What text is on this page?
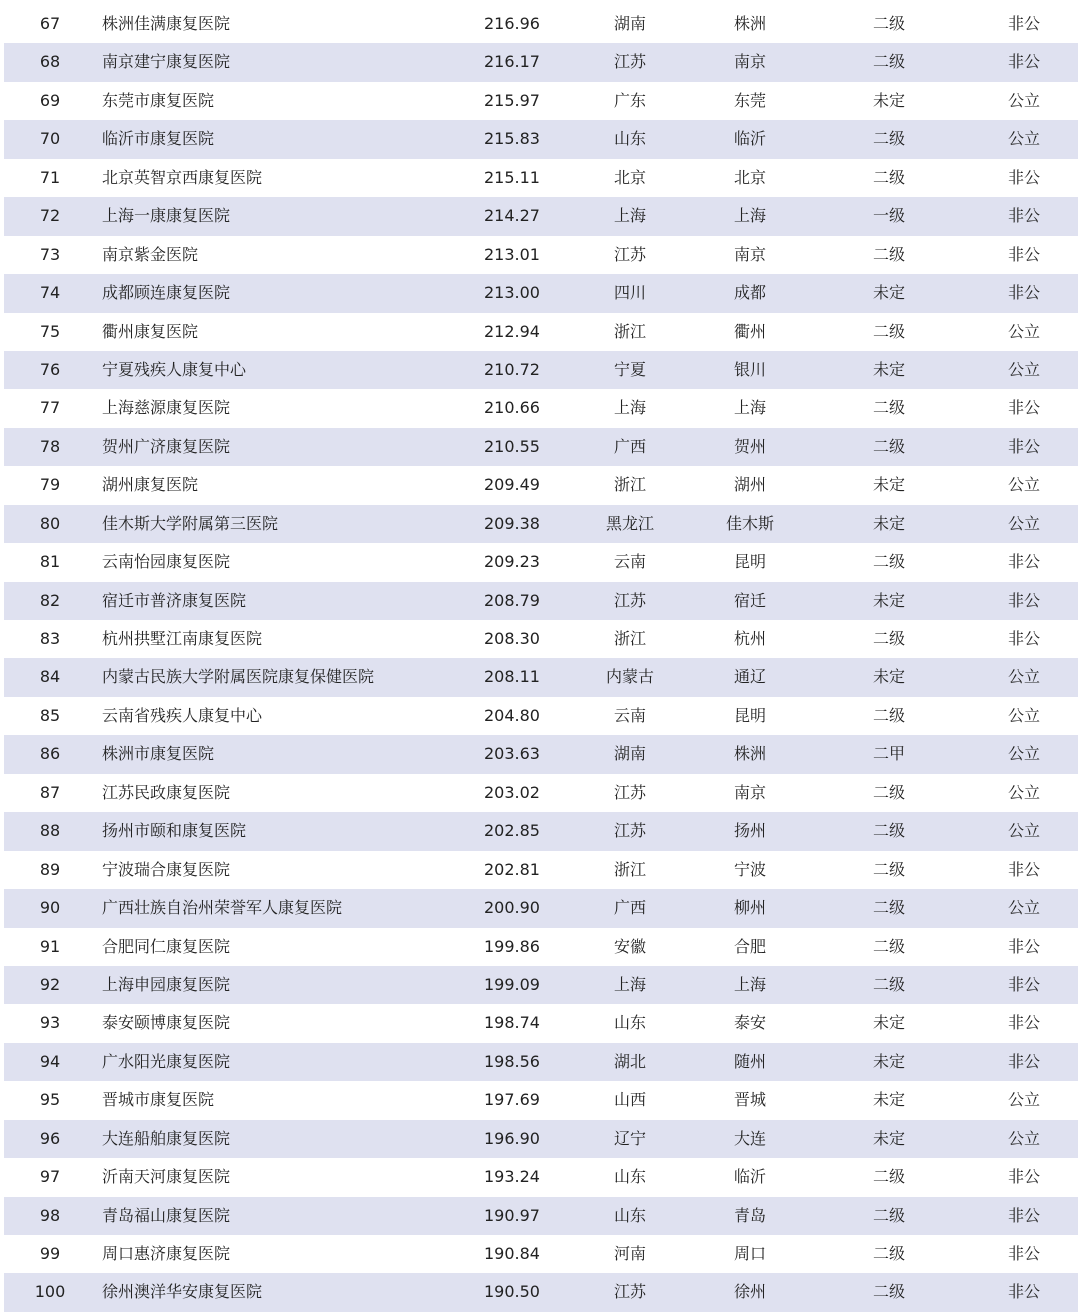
67	株洲佳满康复医院	216.96	湖南	株洲	二级	非公
68	南京建宁康复医院	216.17	江苏	南京	二级	非公
69	东莞市康复医院	215.97	广东	东莞	未定	公立
70	临沂市康复医院	215.83	山东	临沂	二级	公立
71	北京英智京西康复医院	215.11	北京	北京	二级	非公
72	上海一康康复医院	214.27	上海	上海	一级	非公
73	南京紫金医院	213.01	江苏	南京	二级	非公
74	成都顾连康复医院	213.00	四川	成都	未定	非公
75	衢州康复医院	212.94	浙江	衢州	二级	公立
76	宁夏残疾人康复中心	210.72	宁夏	银川	未定	公立
77	上海慈源康复医院	210.66	上海	上海	二级	非公
78	贺州广济康复医院	210.55	广西	贺州	二级	非公
79	湖州康复医院	209.49	浙江	湖州	未定	公立
80	佳木斯大学附属第三医院	209.38	黑龙江	佳木斯	未定	公立
81	云南怡园康复医院	209.23	云南	昆明	二级	非公
82	宿迁市普济康复医院	208.79	江苏	宿迁	未定	非公
83	杭州拱墅江南康复医院	208.30	浙江	杭州	二级	非公
84	内蒙古民族大学附属医院康复保健医院	208.11	内蒙古	通辽	未定	公立
85	云南省残疾人康复中心	204.80	云南	昆明	二级	公立
86	株洲市康复医院	203.63	湖南	株洲	二甲	公立
87	江苏民政康复医院	203.02	江苏	南京	二级	公立
88	扬州市颐和康复医院	202.85	江苏	扬州	二级	公立
89	宁波瑞合康复医院	202.81	浙江	宁波	二级	非公
90	广西壮族自治州荣誉军人康复医院	200.90	广西	柳州	二级	公立
91	合肥同仁康复医院	199.86	安徽	合肥	二级	非公
92	上海申园康复医院	199.09	上海	上海	二级	非公
93	泰安颐博康复医院	198.74	山东	泰安	未定	非公
94	广水阳光康复医院	198.56	湖北	随州	未定	非公
95	晋城市康复医院	197.69	山西	晋城	未定	公立
96	大连船舶康复医院	196.90	辽宁	大连	未定	公立
97	沂南天河康复医院	193.24	山东	临沂	二级	非公
98	青岛福山康复医院	190.97	山东	青岛	二级	非公
99	周口惠济康复医院	190.84	河南	周口	二级	非公
100	徐州澳洋华安康复医院	190.50	江苏	徐州	二级	非公
